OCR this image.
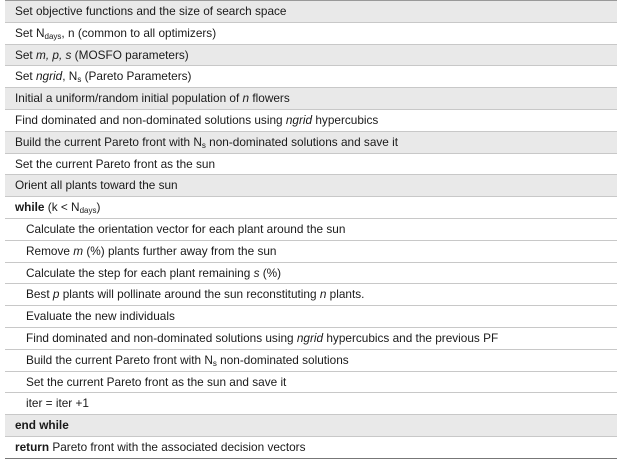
Set objective functions and the size of search space
Set $N_{days}$, n (common to all optimizers)
Set m, p, s (MOSFO parameters)
Set ngrid, $N_s$ (Pareto Parameters)
Initial a uniform/random initial population of n flowers
Find dominated and non-dominated solutions using ngrid hypercubics
Build the current Pareto front with $N_s$ non-dominated solutions and save it
Set the current Pareto front as the sun
Orient all plants toward the sun
while $(k < N_{days})$
Calculate the orientation vector for each plant around the sun
Remove m (%) plants further away from the sun
Calculate the step for each plant remaining s (%)
Best p plants will pollinate around the sun reconstituting n plants.
Evaluate the new individuals
Find dominated and non-dominated solutions using ngrid hypercubics and the previous PF
Build the current Pareto front with $N_s$ non-dominated solutions
Set the current Pareto front as the sun and save it
iter = iter +1
end while
return Pareto front with the associated decision vectors
